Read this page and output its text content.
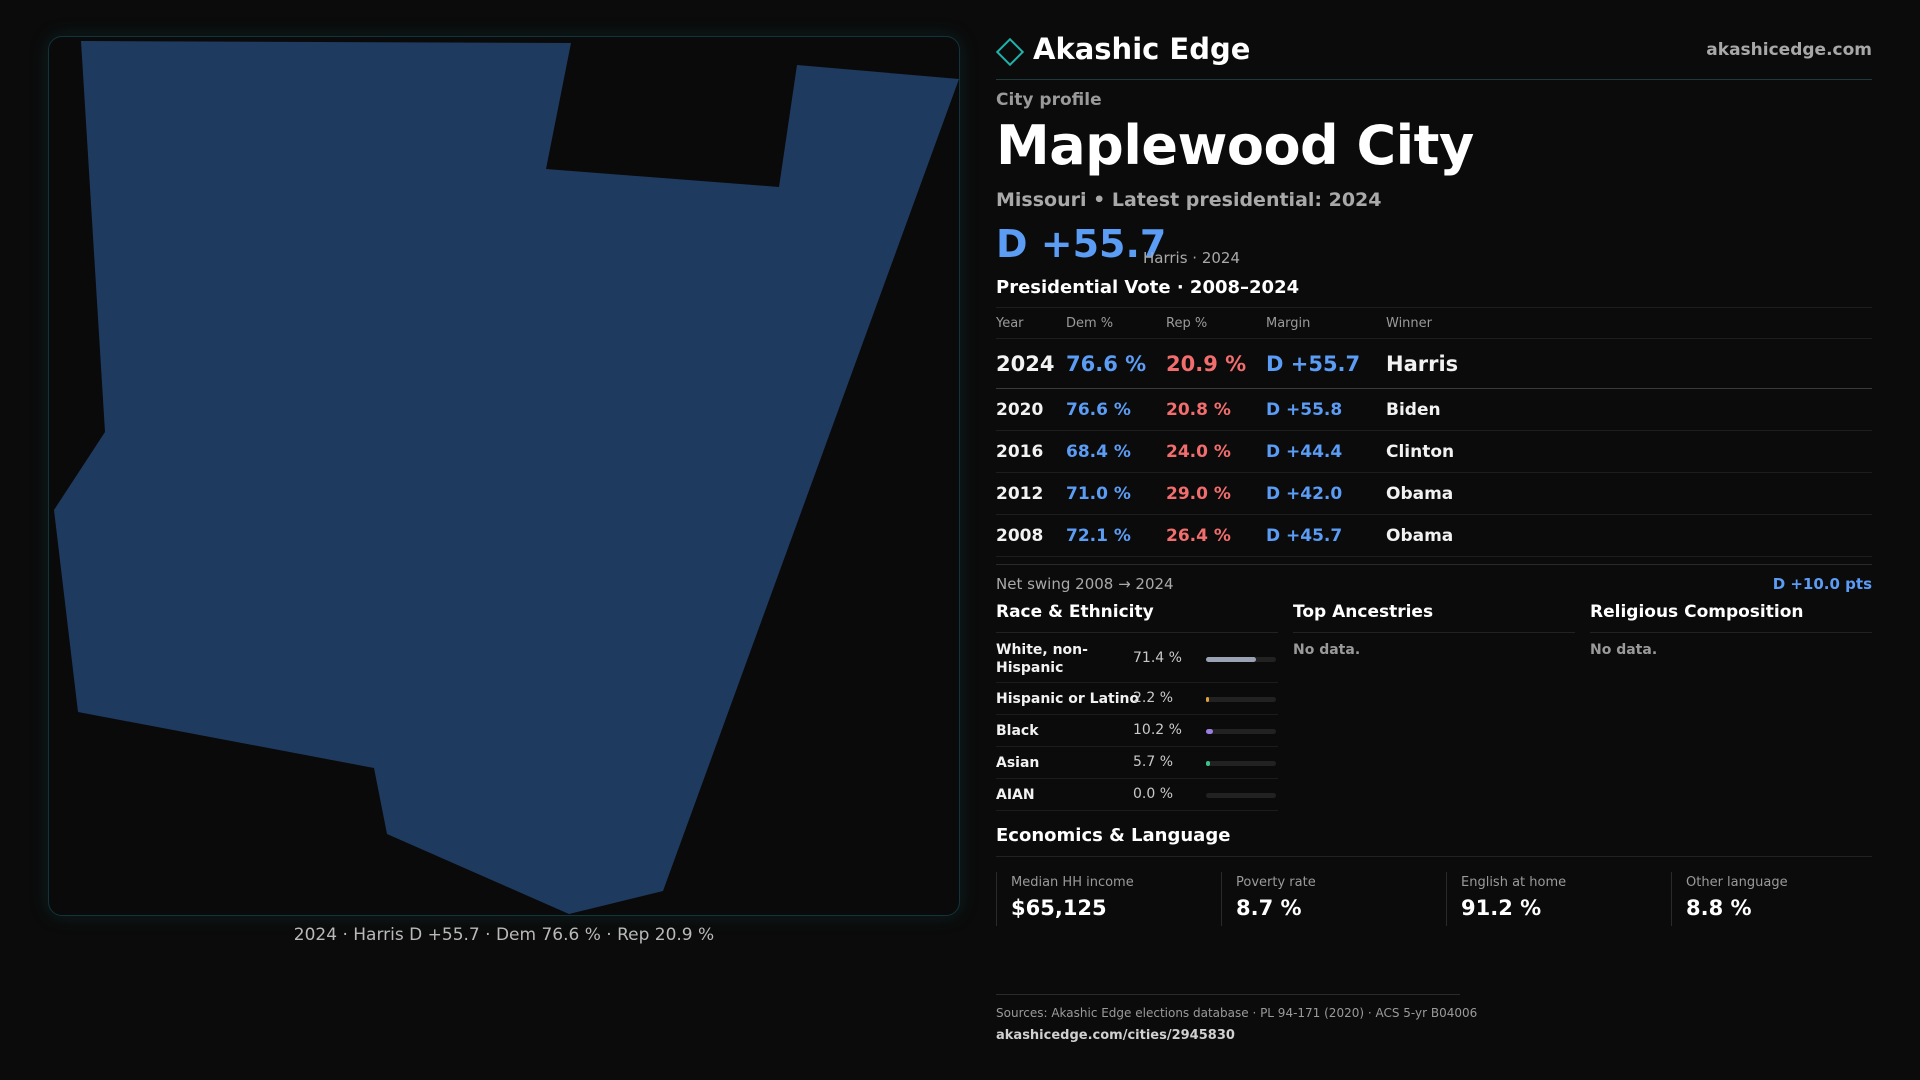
2024 · Harris D +55.7 · Dem 76.6 % · Rep 20.9 %
Akashic Edge	akashicedge.com
City profile
Maplewood City
Missouri • Latest presidential: 2024
D +55.7
Harris · 2024
Presidential Vote · 2008–2024
Year	Dem %	Rep %	Margin	Winner
2024 76.6 % 20.9 % D +55.7 Harris
2020 76.6 % 20.8 % D +55.8	Biden
2016 68.4 % 24.0 % D +44.4	Clinton
2012 71.0 % 29.0 % D +42.0	Obama
2008 72.1 % 26.4 % D +45.7	Obama
Net swing 2008 → 2024	D +10.0 pts
Race & Ethnicity
White, non-Hispanic
71.4 %
Hispanic or Latino
2.2 %
Black	10.2 %
Asian	5.7 %
AIAN	0.0 %
Top Ancestries
No data.
Religious Composition
No data.
Economics & Language
Median HH income
$65,125
Poverty rate
8.7 %
English at home
91.2 %
Other language
8.8 %
Sources: Akashic Edge elections database · PL 94-171 (2020) · ACS 5-yr B04006
akashicedge.com/cities/2945830
